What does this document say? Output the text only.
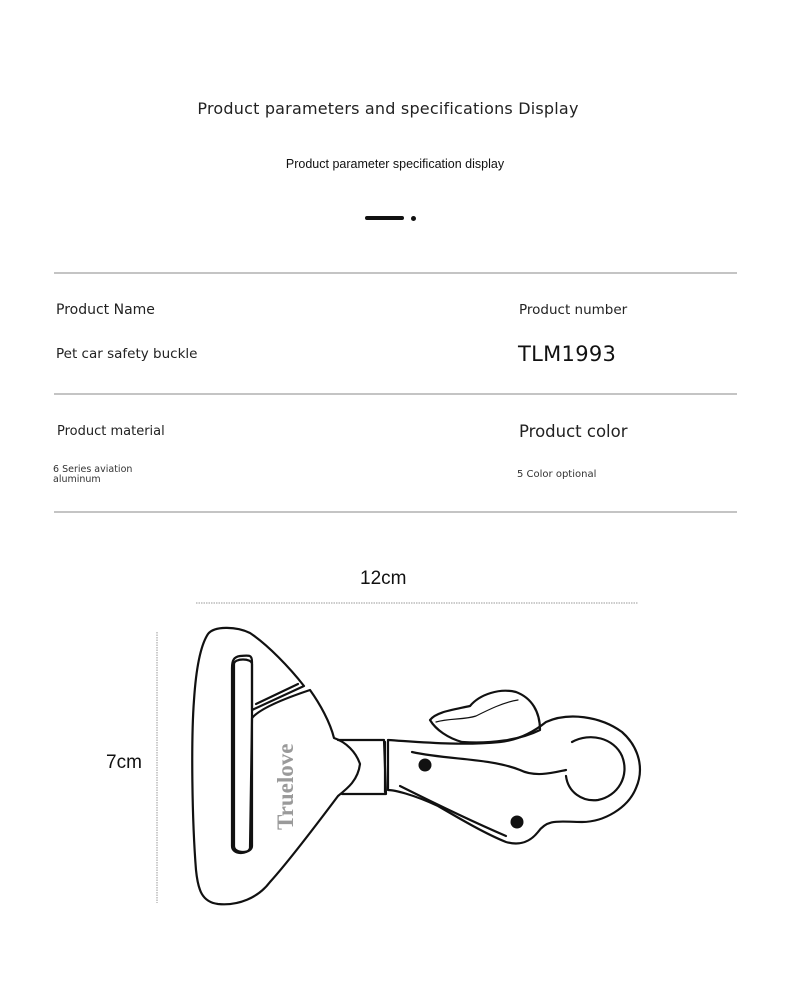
Product parameters and specifications Display
Product parameter specification display
Product Name
Pet car safety buckle
Product number
TLM1993
Product material
6 Series aviation
aluminum
Product color
5 Color optional
12cm
7cm	Truelove
